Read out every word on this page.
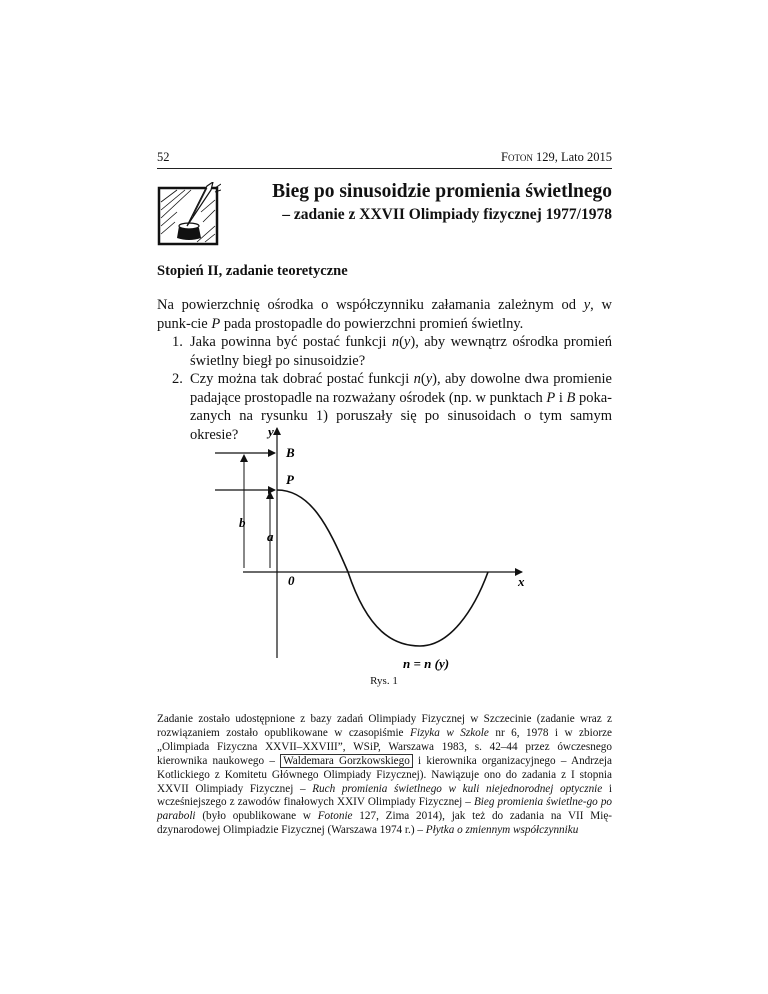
52	Foton 129, Lato 2015
Bieg po sinusoidzie promienia świetlnego
– zadanie z XXVII Olimpiady fizycznej 1977/1978
Stopień II, zadanie teoretyczne
Na powierzchnię ośrodka o współczynniku załamania zależnym od y, w punk-cie P pada prostopadle do powierzchni promień świetlny.
1. Jaka powinna być postać funkcji n(y), aby wewnątrz ośrodka promień świetlny biegł po sinusoidzie?
2. Czy można tak dobrać postać funkcji n(y), aby dowolne dwa promienie padające prostopadle na rozważany ośrodek (np. w punktach P i B poka-zanych na rysunku 1) poruszały się po sinusoidach o tym samym okresie?	y
B
P
b
a
0	x
n = n (y)
Rys. 1
Zadanie zostało udostępnione z bazy zadań Olimpiady Fizycznej w Szczecinie (zadanie wraz z rozwiązaniem zostało opublikowane w czasopiśmie Fizyka w Szkole nr 6, 1978 i w zbiorze „Olimpiada Fizyczna XXVII–XXVIII”, WSiP, Warszawa 1983, s. 42–44 przez ówczesnego kierownika naukowego – Waldemara Gorzkowskiego i kierownika organizacyjnego – Andrzeja Kotlickiego z Komitetu Głównego Olimpiady Fizycznej). Nawiązuje ono do zadania z I stopnia XXVII Olimpiady Fizycznej – Ruch promienia świetlnego w kuli niejednorodnej optycznie i wcześniejszego z zawodów finałowych XXIV Olimpiady Fizycznej – Bieg promienia świetlne-go po paraboli (było opublikowane w Fotonie 127, Zima 2014), jak też do zadania na VII Mię-dzynarodowej Olimpiadzie Fizycznej (Warszawa 1974 r.) – Płytka o zmiennym współczynniku
